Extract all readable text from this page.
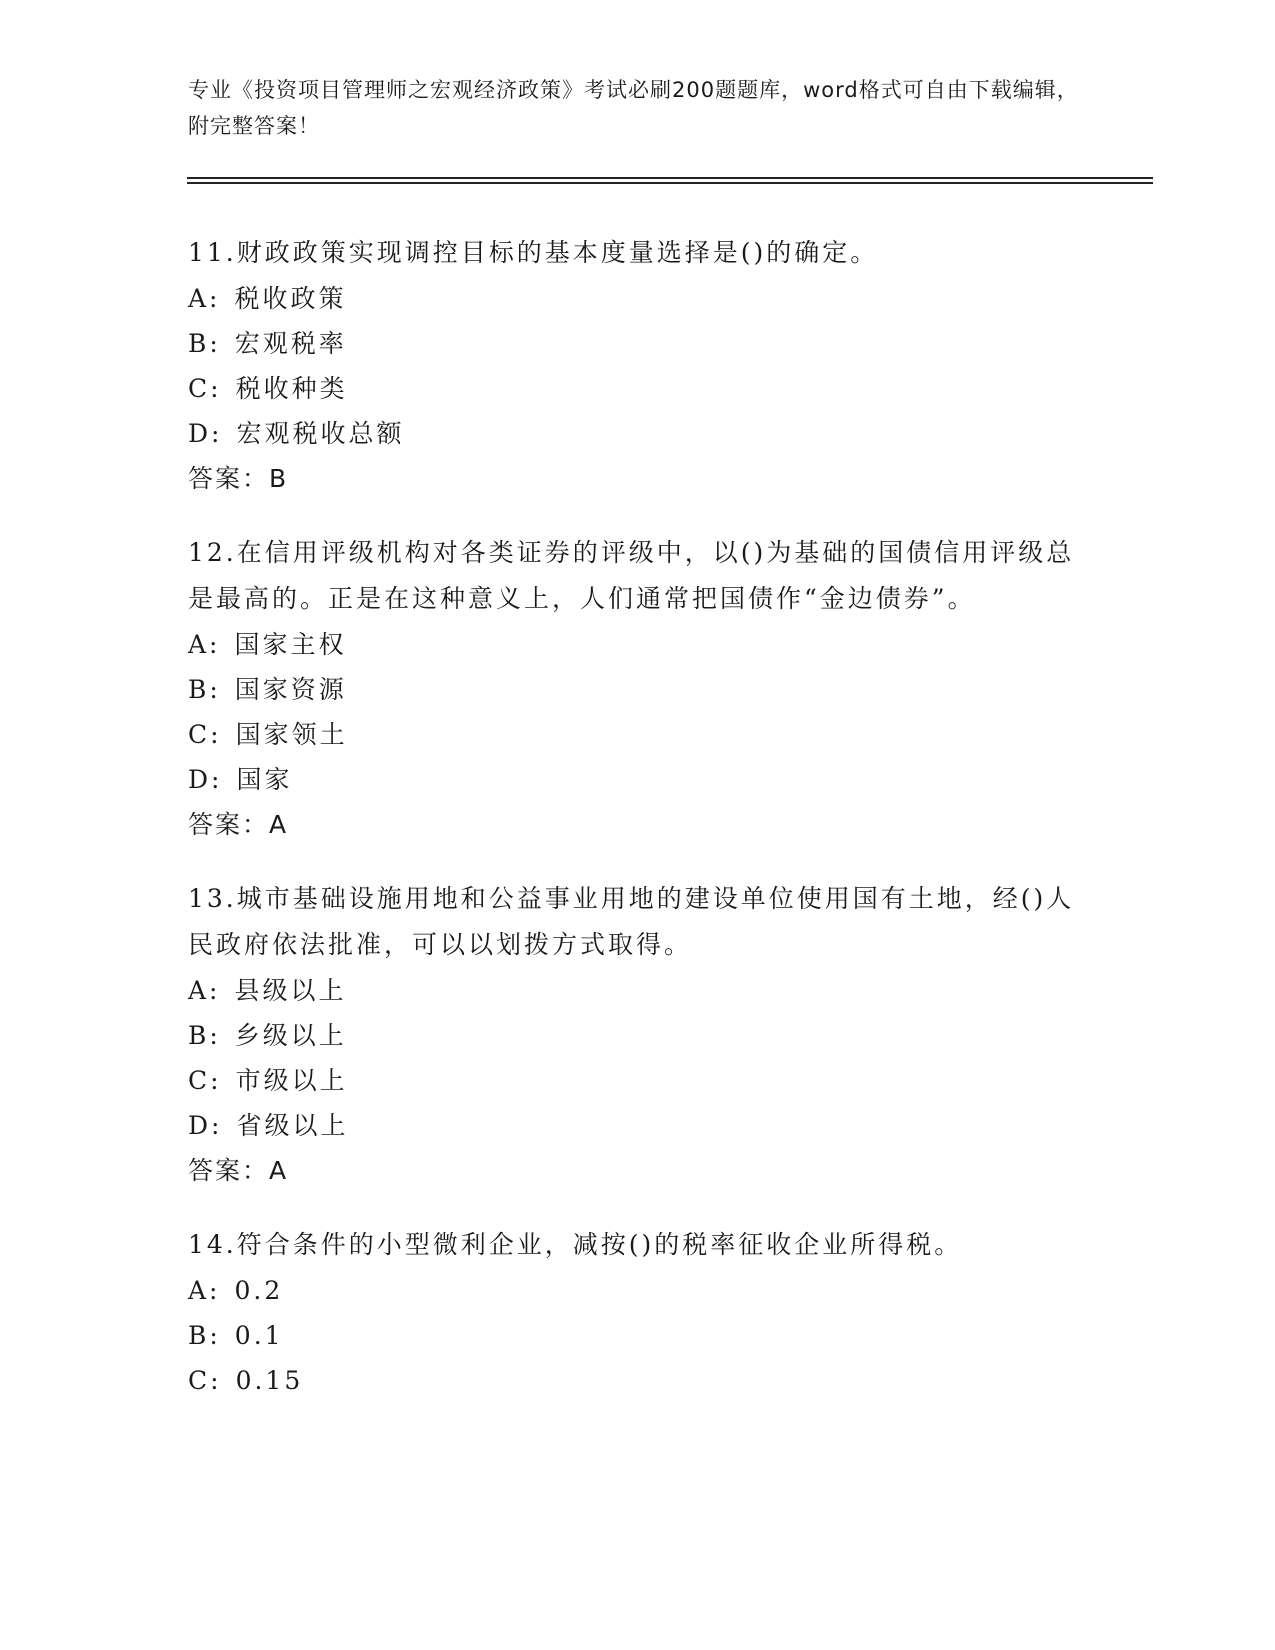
专业《投资项目管理师之宏观经济政策》考试必刷200题题库，word格式可自由下载编辑，附完整答案！

11.财政政策实现调控目标的基本度量选择是()的确定。

A: 税收政策

B: 宏观税率

C: 税收种类

D: 宏观税收总额

答案：B

12.在信用评级机构对各类证券的评级中，以()为基础的国债信用评级总是最高的。正是在这种意义上，人们通常把国债作“金边债券”。

A: 国家主权

B: 国家资源

C: 国家领土

D: 国家

答案：A

13.城市基础设施用地和公益事业用地的建设单位使用国有土地，经()人民政府依法批准，可以以划拨方式取得。

A: 县级以上

B: 乡级以上

C: 市级以上

D: 省级以上

答案：A

14.符合条件的小型微利企业，减按()的税率征收企业所得税。

A: 0.2

B: 0.1

C: 0.15
